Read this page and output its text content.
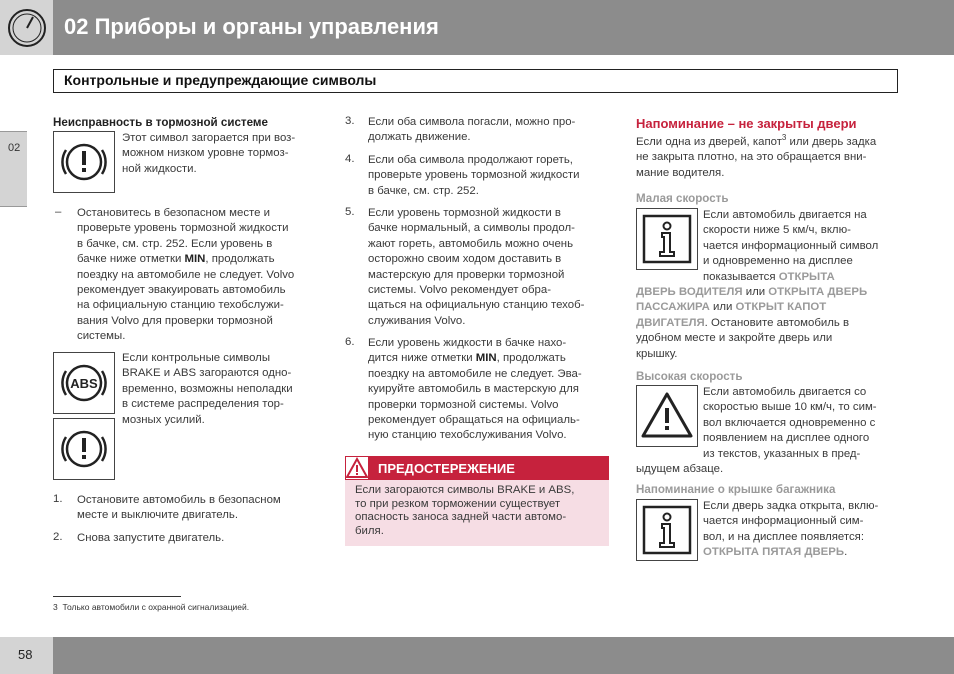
02 Приборы и органы управления
Контрольные и предупреждающие символы
02
Неисправность в тормозной системе
Этот символ загорается при воз-
можном низком уровне тормоз-
ной жидкости.
– Остановитесь в безопасном месте и
проверьте уровень тормозной жидкости
в бачке, см. стр. 252. Если уровень в
бачке ниже отметки MIN, продолжать
поездку на автомобиле не следует. Volvo
рекомендует эвакуировать автомобиль
на официальную станцию техобслужи-
вания Volvo для проверки тормозной
системы.
ABS
Если контрольные символы
BRAKE и ABS загораются одно-
временно, возможны неполадки
в системе распределения тор-
мозных усилий.
1. Остановите автомобиль в безопасном
месте и выключите двигатель.
2. Снова запустите двигатель.
3 Только автомобили с охранной сигнализацией.
3. Если оба символа погасли, можно про-
должать движение.
4. Если оба символа продолжают гореть,
проверьте уровень тормозной жидкости
в бачке, см. стр. 252.
5. Если уровень тормозной жидкости в
бачке нормальный, а символы продол-
жают гореть, автомобиль можно очень
осторожно своим ходом доставить в
мастерскую для проверки тормозной
системы. Volvo рекомендует обра-
щаться на официальную станцию техоб-
служивания Volvo.
6. Если уровень жидкости в бачке нахо-
дится ниже отметки MIN, продолжать
поездку на автомобиле не следует. Эва-
куируйте автомобиль в мастерскую для
проверки тормозной системы. Volvo
рекомендует обращаться на официаль-
ную станцию техобслуживания Volvo.
ПРЕДОСТЕРЕЖЕНИЕ
Если загораются символы BRAKE и ABS,
то при резком торможении существует
опасность заноса задней части автомо-
биля.
Напоминание – не закрыты двери
Если одна из дверей, капот$^3$ или дверь задка
не закрыта плотно, на это обращается вни-
мание водителя.
Малая скорость
Если автомобиль двигается на
скорости ниже 5 км/ч, вклю-
чается информационный символ
и одновременно на дисплее
показывается ОТКРЫТА
ДВЕРЬ ВОДИТЕЛЯ или ОТКРЫТА ДВЕРЬ
ПАССАЖИРА или ОТКРЫТ КАПОТ
ДВИГАТЕЛЯ. Остановите автомобиль в
удобном месте и закройте дверь или
крышку.
Высокая скорость
Если автомобиль двигается со
скоростью выше 10 км/ч, то сим-
вол включается одновременно с
появлением на дисплее одного
из текстов, указанных в пред-
ыдущем абзаце.
Напоминание о крышке багажника
Если дверь задка открыта, вклю-
чается информационный сим-
вол, и на дисплее появляется:
ОТКРЫТА ПЯТАЯ ДВЕРЬ.
58
